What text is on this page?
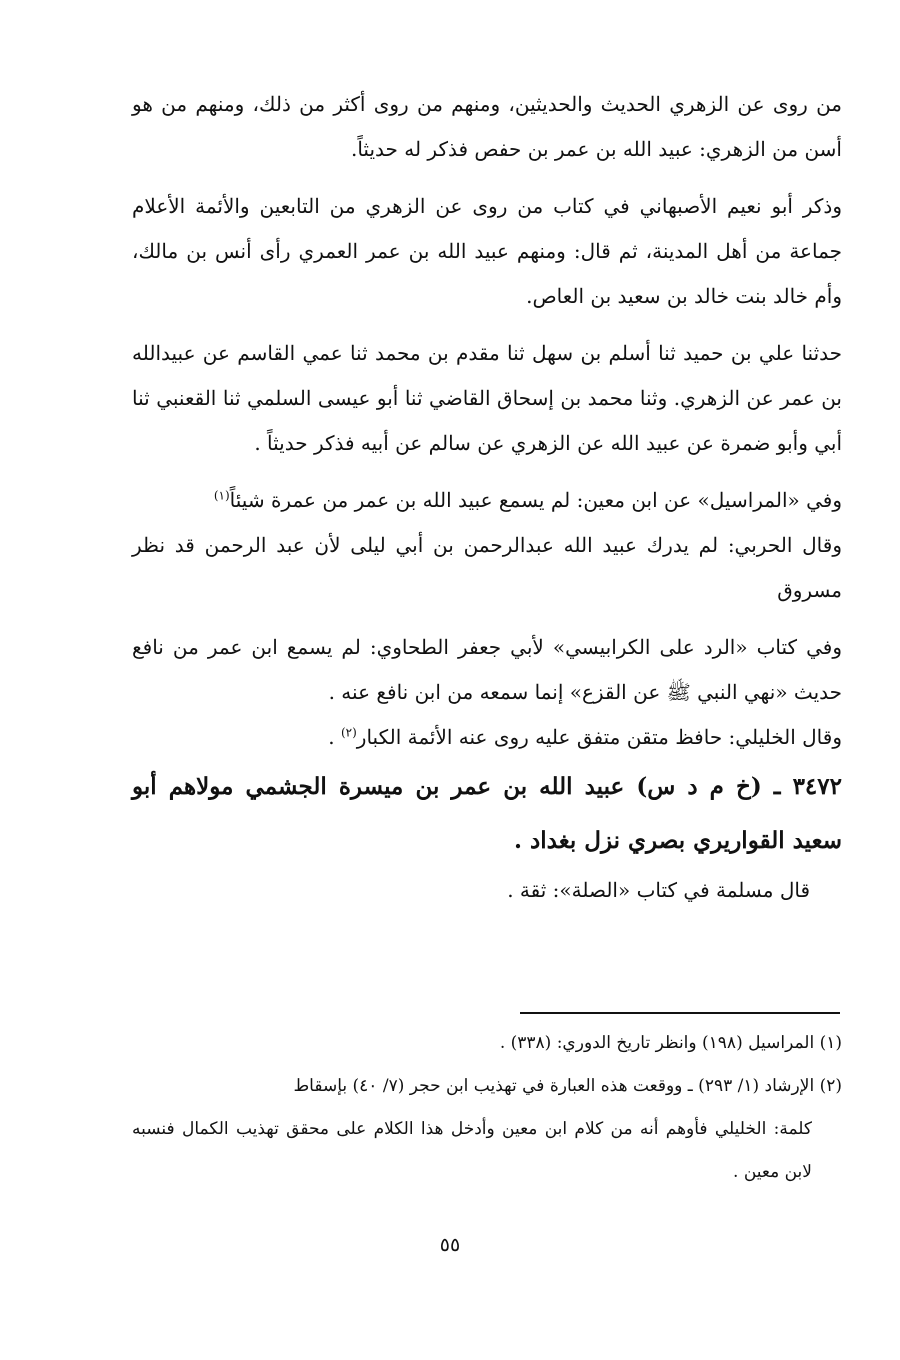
من روى عن الزهري الحديث والحديثين، ومنهم من روى أكثر من ذلك، ومنهم من هو أسن من الزهري: عبيد الله بن عمر بن حفص فذكر له حديثاً.

وذكر أبو نعيم الأصبهاني في كتاب من روى عن الزهري من التابعين والأئمة الأعلام جماعة من أهل المدينة، ثم قال: ومنهم عبيد الله بن عمر العمري رأى أنس بن مالك، وأم خالد بنت خالد بن سعيد بن العاص.

حدثنا علي بن حميد ثنا أسلم بن سهل ثنا مقدم بن محمد ثنا عمي القاسم عن عبيدالله بن عمر عن الزهري. وثنا محمد بن إسحاق القاضي ثنا أبو عيسى السلمي ثنا القعنبي ثنا أبي وأبو ضمرة عن عبيد الله عن الزهري عن سالم عن أبيه فذكر حديثاً .

وفي «المراسيل» عن ابن معين: لم يسمع عبيد الله بن عمر من عمرة شيئاً$^{(١)}$
وقال الحربي: لم يدرك عبيد الله عبدالرحمن بن أبي ليلى لأن عبد الرحمن قد نظر مسروق

وفي كتاب «الرد على الكرابيسي» لأبي جعفر الطحاوي: لم يسمع ابن عمر من نافع حديث «نهي النبي ﷺ عن القزع» إنما سمعه من ابن نافع عنه .

وقال الخليلي: حافظ متقن متفق عليه روى عنه الأئمة الكبار$^{(٢)}$ .

٣٤٧٢ ـ (خ م د س) عبيد الله بن عمر بن ميسرة الجشمي مولاهم أبو سعيد القواريري بصري نزل بغداد .

قال مسلمة في كتاب «الصلة»: ثقة .

(١) المراسيل (١٩٨) وانظر تاريخ الدوري: (٣٣٨) .

(٢) الإرشاد (١/ ٢٩٣) ـ ووقعت هذه العبارة في تهذيب ابن حجر (٧/ ٤٠) بإسقاط

كلمة: الخليلي فأوهم أنه من كلام ابن معين وأدخل هذا الكلام على محقق تهذيب الكمال فنسبه لابن معين .

٥٥
